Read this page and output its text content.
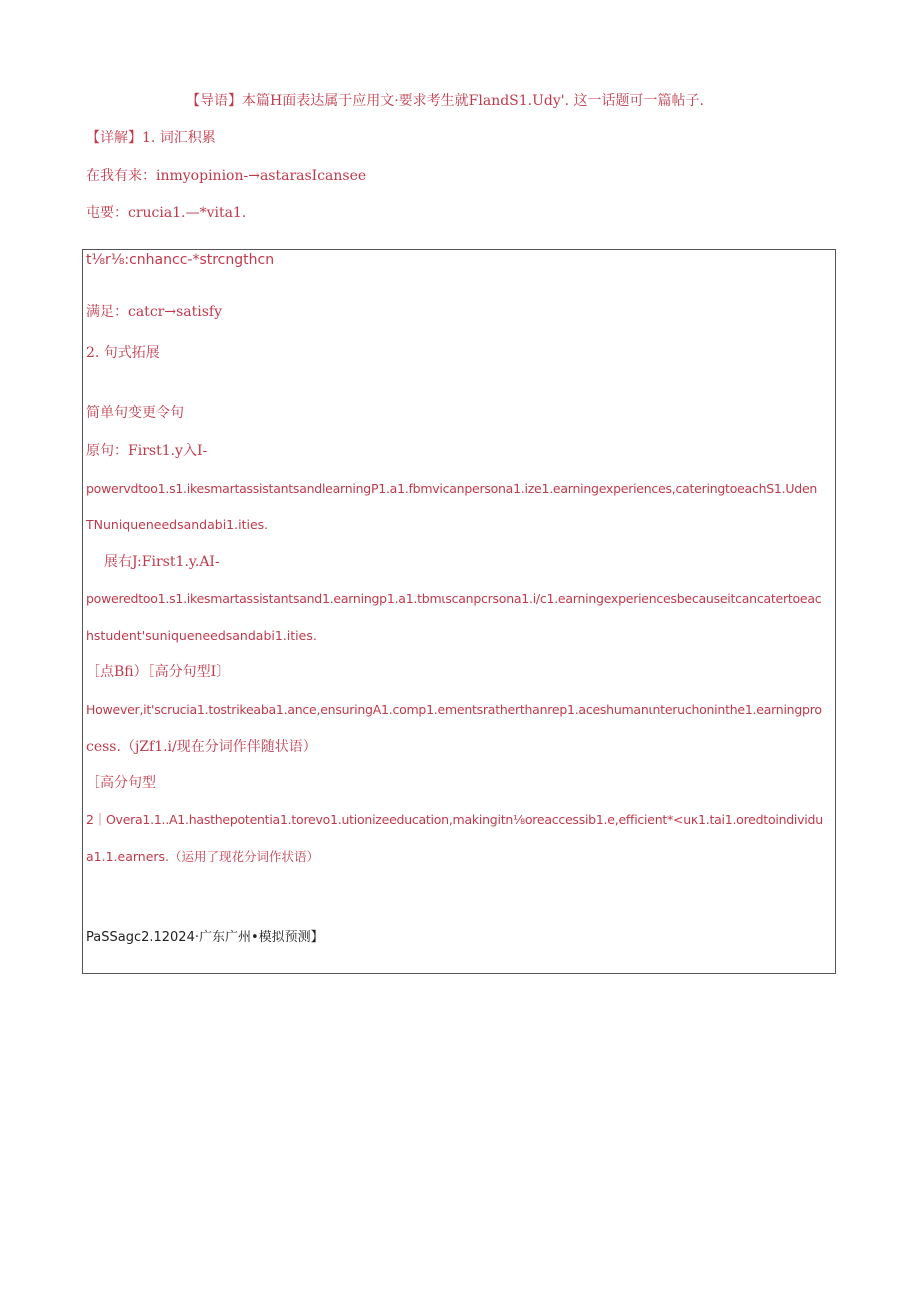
【导语】本篇H面表达属于应用文·要求考生就FlandS1.Udy'. 这一话题可一篇帖子.
【详解】1. 词汇积累
在我有来：inmyopinion-→astarasIcansee
屯要：crucia1.—*vita1.
t⅛r⅛:cnhancc-*strcngthcn
满足：catcr→satisfy
2. 句式拓展
简单句变更令句
原句：First1.y入I-
powervdtoo1.s1.ikesmartassistantsandlearningP1.a1.fbmvicanpersona1.ize1.earningexperiences,cateringtoeachS1.Uden
TNuniqueneedsandabi1.ities.
展右J:First1.y.AI-
poweredtoo1.s1.ikesmartassistantsand1.earningp1.a1.tbmιscanpcrsona1.i/c1.earningexperiencesbecauseitcancatertoeac
hstudent'suniqueneedsandabi1.ities.
［点Bfi）［高分句型I〕
However,it'scrucia1.tostrikeaba1.ance,ensuringA1.comp1.ementsratherthanrep1.aceshumanιnteruchoninthe1.earningpro
cess.（jZf1.i/现在分词作伴随状语）
［高分句型
2｜Overa1.1..A1.hasthepotentia1.torevo1.utionizeeducation,makingitn⅛oreaccessib1.e,efficient*<uκ1.tai1.oredtoindividu
a1.1.earners.（运用了现花分词作状语）
PaSSagc2.12024·广东广州•模拟预测】
